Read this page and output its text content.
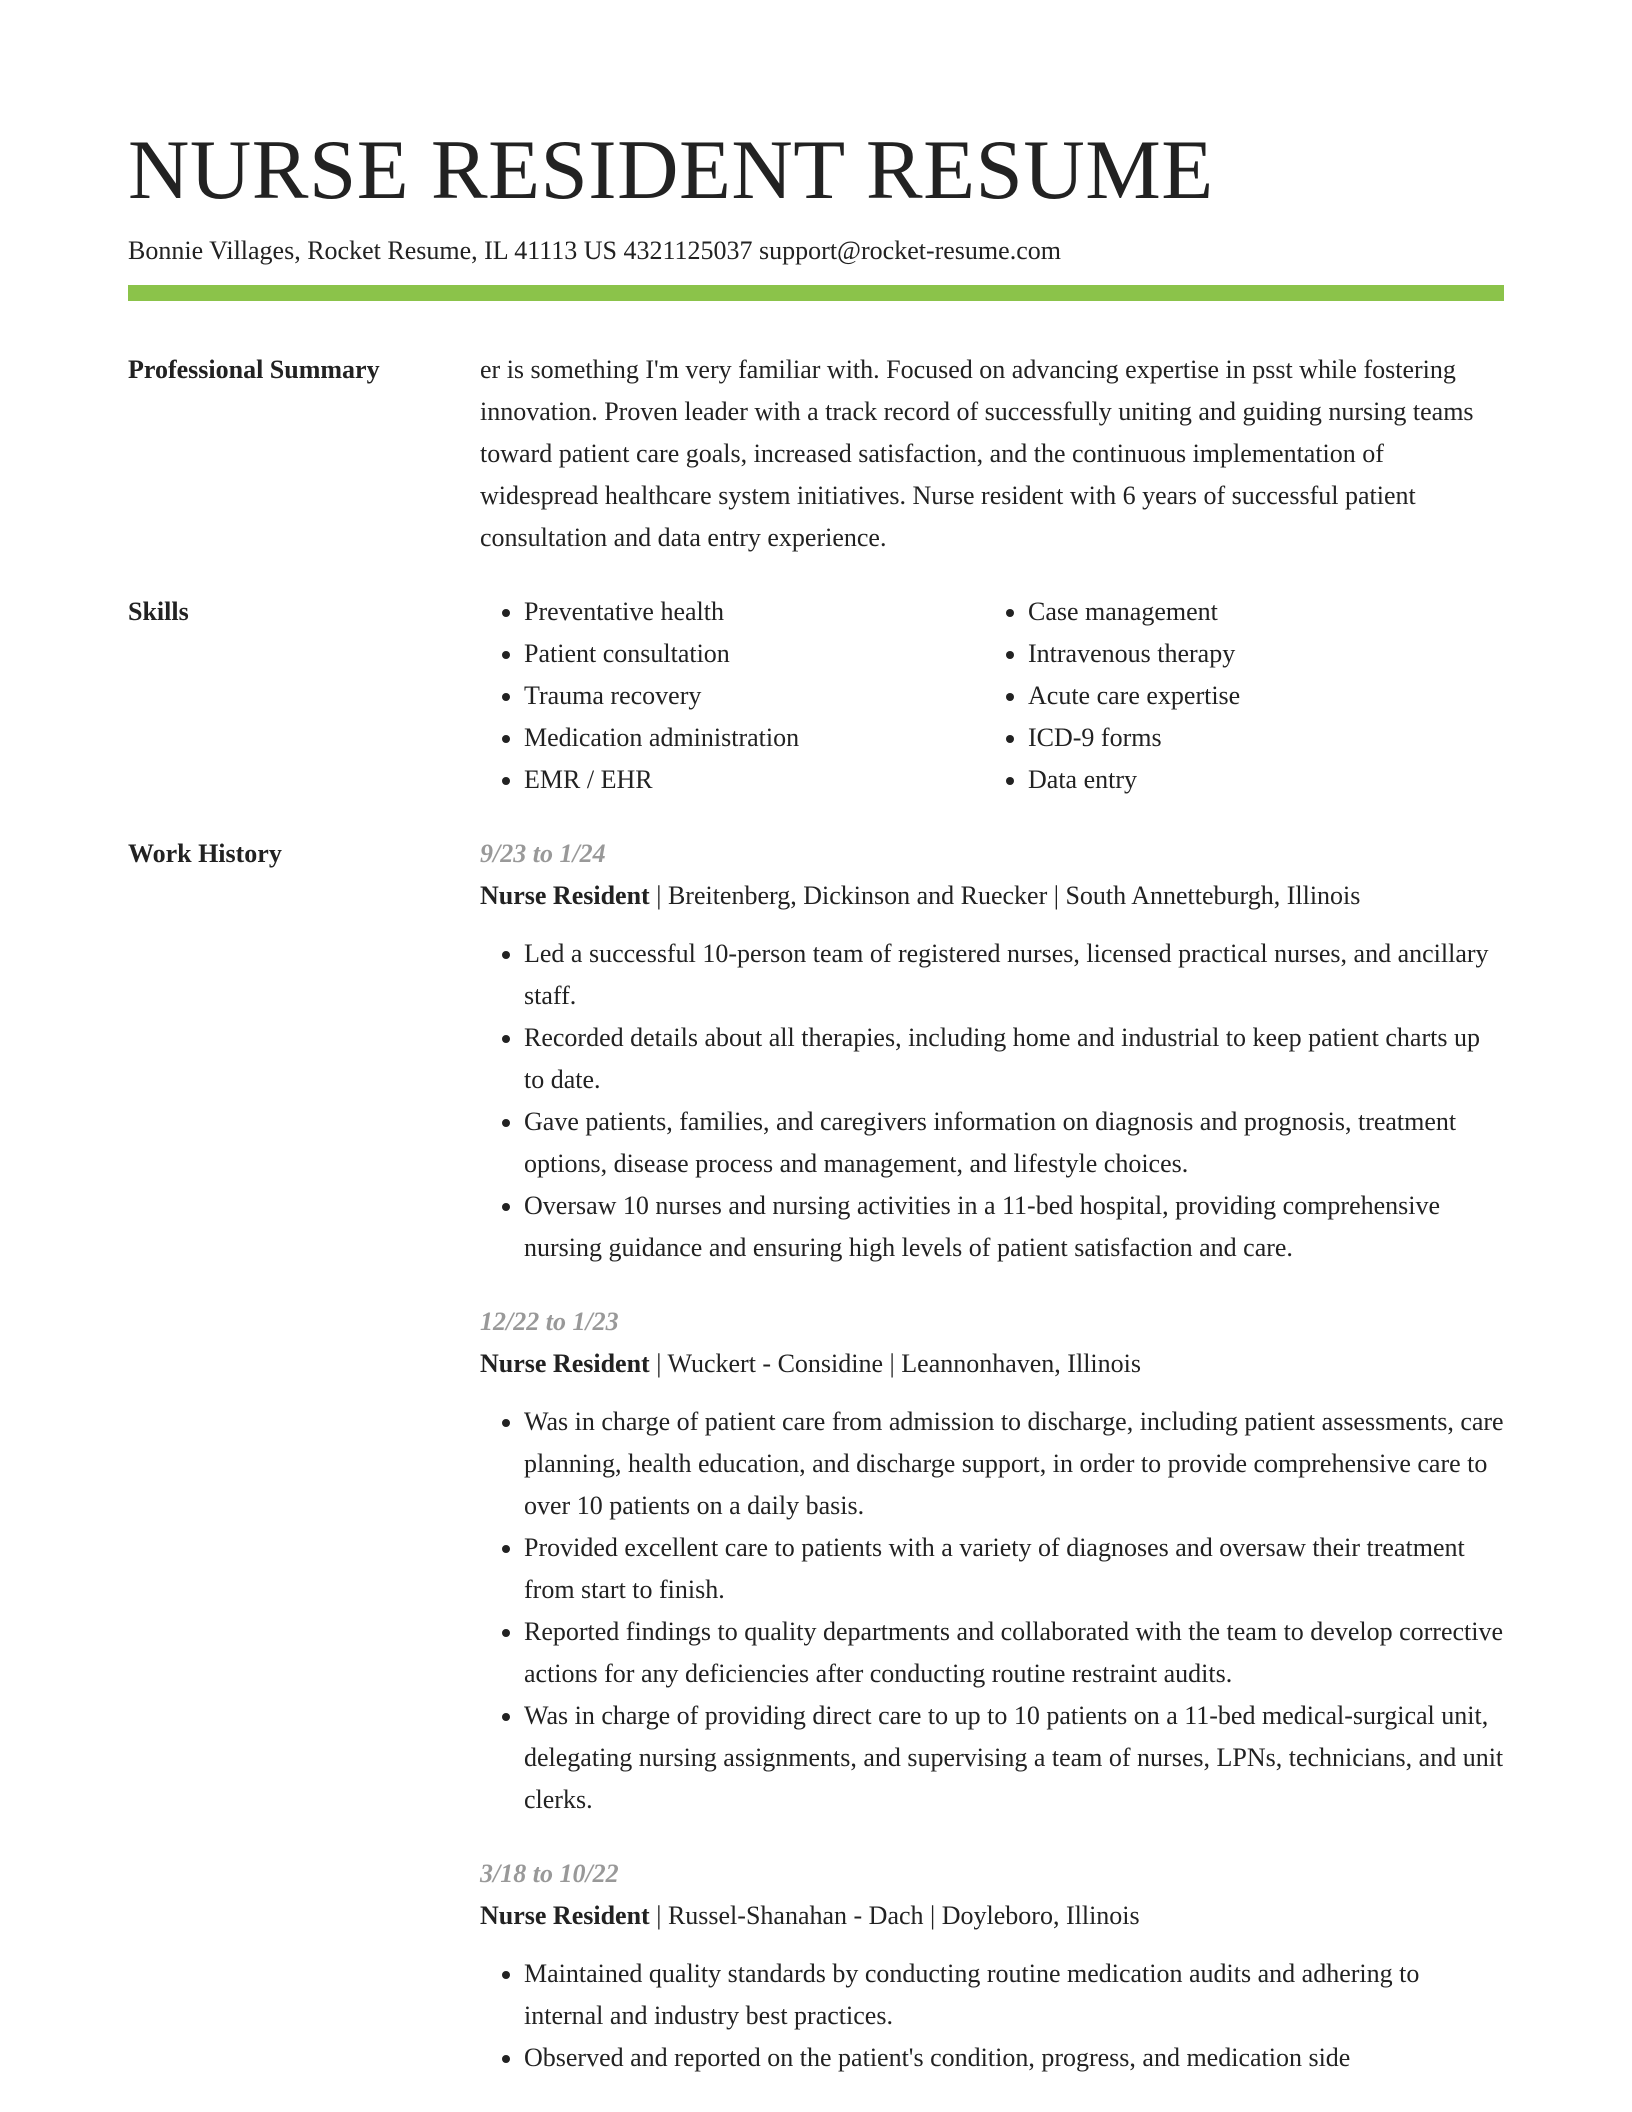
NURSE RESIDENT RESUME
Bonnie Villages, Rocket Resume, IL 41113 US 4321125037 support@rocket-resume.com
Professional Summary	er is something I'm very familiar with. Focused on advancing expertise in psst while fostering innovation. Proven leader with a track record of successfully uniting and guiding nursing teams toward patient care goals, increased satisfaction, and the continuous implementation of widespread healthcare system initiatives. Nurse resident with 6 years of successful patient consultation and data entry experience.

Skills
•	Preventative health
• Patient consultation
• Trauma recovery
• Medication administration
• EMR / EHR
• Case management
• Intravenous therapy
• Acute care expertise
• ICD-9 forms
• Data entry
Work History	9/23 to 1/24
Nurse Resident | Breitenberg, Dickinson and Ruecker | South Annetteburgh, Illinois
• Led a successful 10-person team of registered nurses, licensed practical nurses, and ancillary staff.
• Recorded details about all therapies, including home and industrial to keep patient charts up to date.
• Gave patients, families, and caregivers information on diagnosis and prognosis, treatment options, disease process and management, and lifestyle choices.
• Oversaw 10 nurses and nursing activities in a 11-bed hospital, providing comprehensive nursing guidance and ensuring high levels of patient satisfaction and care.
12/22 to 1/23
Nurse Resident | Wuckert - Considine | Leannonhaven, Illinois
• Was in charge of patient care from admission to discharge, including patient assessments, care planning, health education, and discharge support, in order to provide comprehensive care to over 10 patients on a daily basis.
• Provided excellent care to patients with a variety of diagnoses and oversaw their treatment from start to finish.
• Reported findings to quality departments and collaborated with the team to develop corrective actions for any deficiencies after conducting routine restraint audits.
• Was in charge of providing direct care to up to 10 patients on a 11-bed medical-surgical unit, delegating nursing assignments, and supervising a team of nurses, LPNs, technicians, and unit clerks.
3/18 to 10/22
Nurse Resident | Russel-Shanahan - Dach | Doyleboro, Illinois
• Maintained quality standards by conducting routine medication audits and adhering to internal and industry best practices.
• Observed and reported on the patient's condition, progress, and medication side
